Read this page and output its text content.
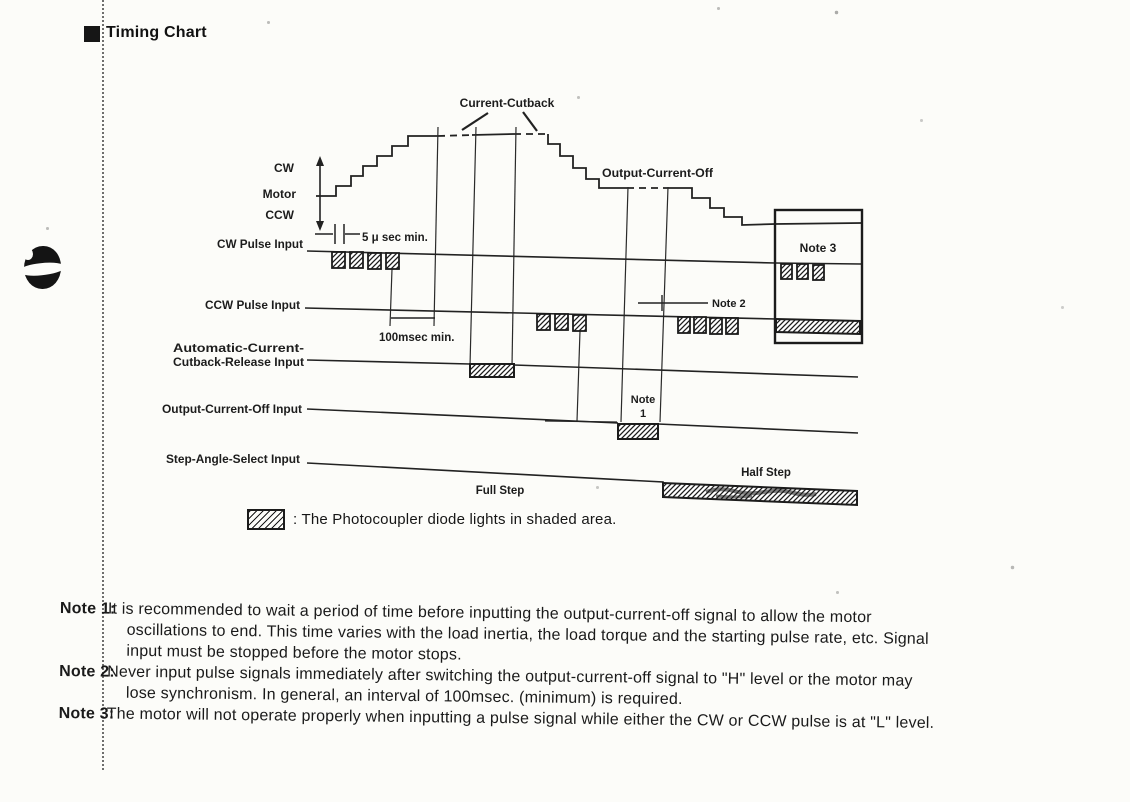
Timing Chart
CW
Motor
CCW
Current-Cutback
Output-Current-Off
5 μ sec min.
100msec min.
Note 2
Note 3
Note
1
Full Step
Half Step
CW Pulse Input
CCW Pulse Input
Automatic-Current-
Cutback-Release Input
Output-Current-Off Input
Step-Angle-Select Input
: The Photocoupler diode lights in shaded area.
Note 1:
It is recommended to wait a period of time before inputting the output-current-off signal to allow the motor
oscillations to end. This time varies with the load inertia, the load torque and the starting pulse rate, etc. Signal
input must be stopped before the motor stops.
Note 2:
Never input pulse signals immediately after switching the output-current-off signal to "H" level or the motor may
lose synchronism. In general, an interval of 100msec. (minimum) is required.
Note 3:
The motor will not operate properly when inputting a pulse signal while either the CW or CCW pulse is at "L" level.
